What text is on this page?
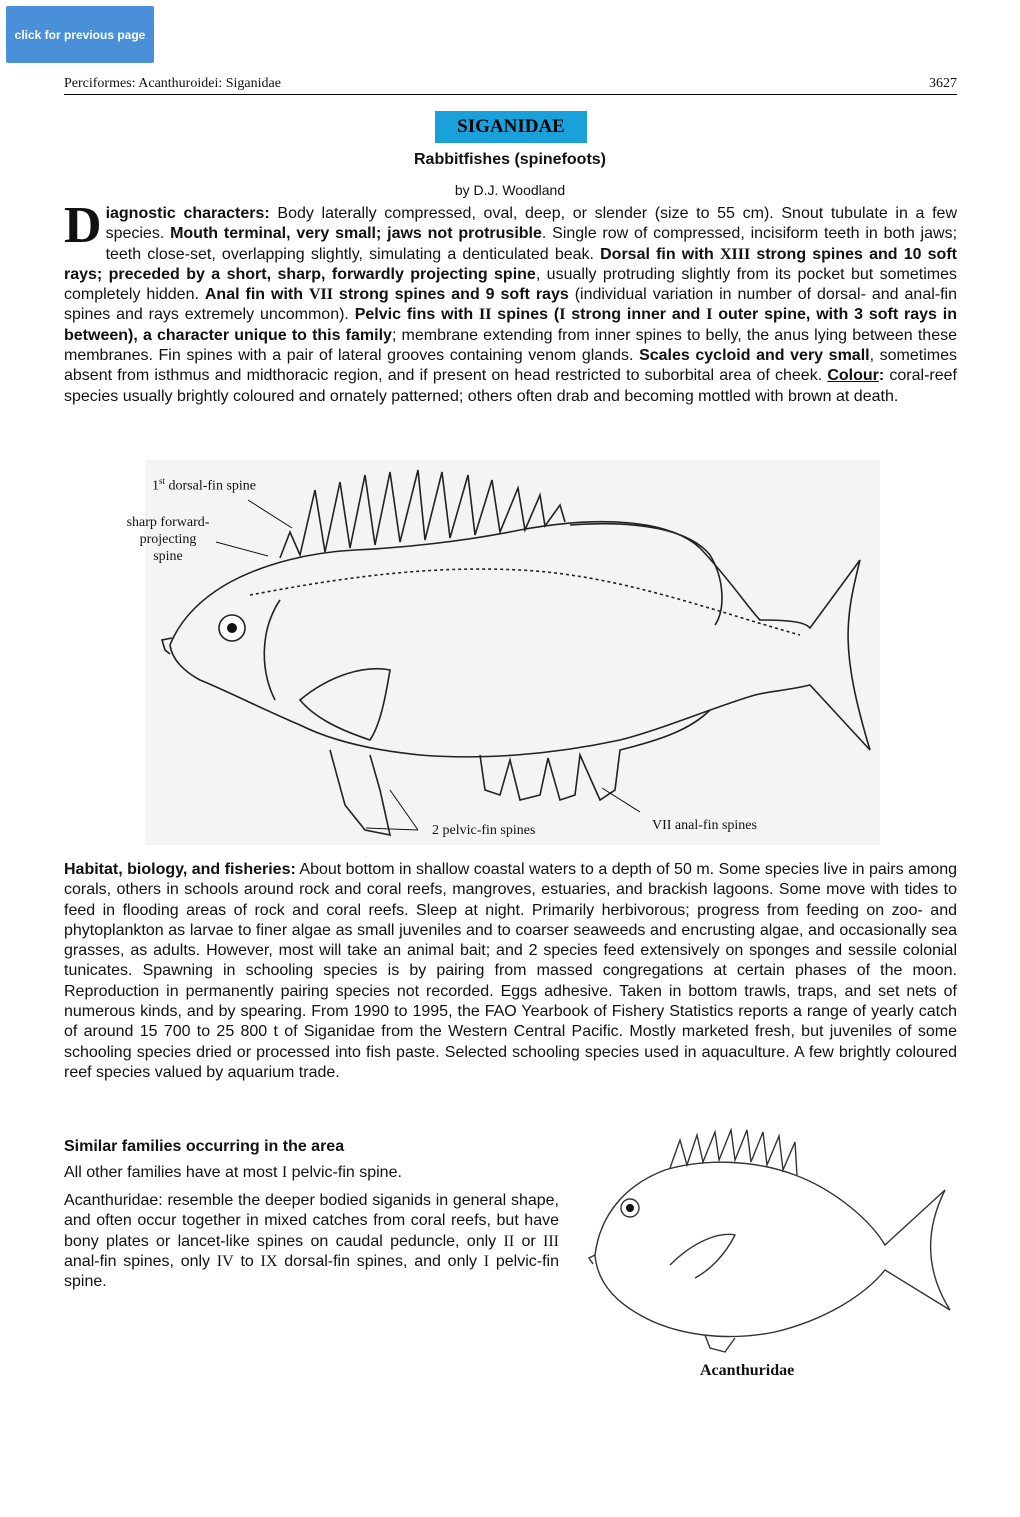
click for previous page
Perciformes: Acanthuroidei: Siganidae	3627
SIGANIDAE
Rabbitfishes (spinefoots)
by D.J. Woodland
Diagnostic characters: Body laterally compressed, oval, deep, or slender (size to 55 cm). Snout tubulate in a few species. Mouth terminal, very small; jaws not protrusible. Single row of compressed, incisiform teeth in both jaws; teeth close-set, overlapping slightly, simulating a denticulated beak. Dorsal fin with XIII strong spines and 10 soft rays; preceded by a short, sharp, forwardly projecting spine, usually protruding slightly from its pocket but sometimes completely hidden. Anal fin with VII strong spines and 9 soft rays (individual variation in number of dorsal- and anal-fin spines and rays extremely uncommon). Pelvic fins with II spines (I strong inner and I outer spine, with 3 soft rays in between), a character unique to this family; membrane extending from inner spines to belly, the anus lying between these membranes. Fin spines with a pair of lateral grooves containing venom glands. Scales cycloid and very small, sometimes absent from isthmus and midthoracic region, and if present on head restricted to suborbital area of cheek. Colour: coral-reef species usually brightly coloured and ornately patterned; others often drab and becoming mottled with brown at death.
1st dorsal-fin spine
sharp forward-
projecting
spine
2 pelvic-fin spines	VII anal-fin spines
Habitat, biology, and fisheries: About bottom in shallow coastal waters to a depth of 50 m. Some species live in pairs among corals, others in schools around rock and coral reefs, mangroves, estuaries, and brackish lagoons. Some move with tides to feed in flooding areas of rock and coral reefs. Sleep at night. Primarily herbivorous; progress from feeding on zoo- and phytoplankton as larvae to finer algae as small juveniles and to coarser seaweeds and encrusting algae, and occasionally sea grasses, as adults. However, most will take an animal bait; and 2 species feed extensively on sponges and sessile colonial tunicates. Spawning in schooling species is by pairing from massed congregations at certain phases of the moon. Reproduction in permanently pairing species not recorded. Eggs adhesive. Taken in bottom trawls, traps, and set nets of numerous kinds, and by spearing. From 1990 to 1995, the FAO Yearbook of Fishery Statistics reports a range of yearly catch of around 15 700 to 25 800 t of Siganidae from the Western Central Pacific. Mostly marketed fresh, but juveniles of some schooling species dried or processed into fish paste. Selected schooling species used in aquaculture. A few brightly coloured reef species valued by aquarium trade.
Similar families occurring in the area
All other families have at most I pelvic-fin spine.
Acanthuridae: resemble the deeper bodied siganids in general shape, and often occur together in mixed catches from coral reefs, but have bony plates or lancet-like spines on caudal peduncle, only II or III anal-fin spines, only IV to IX dorsal-fin spines, and only I pelvic-fin spine.
Acanthuridae
